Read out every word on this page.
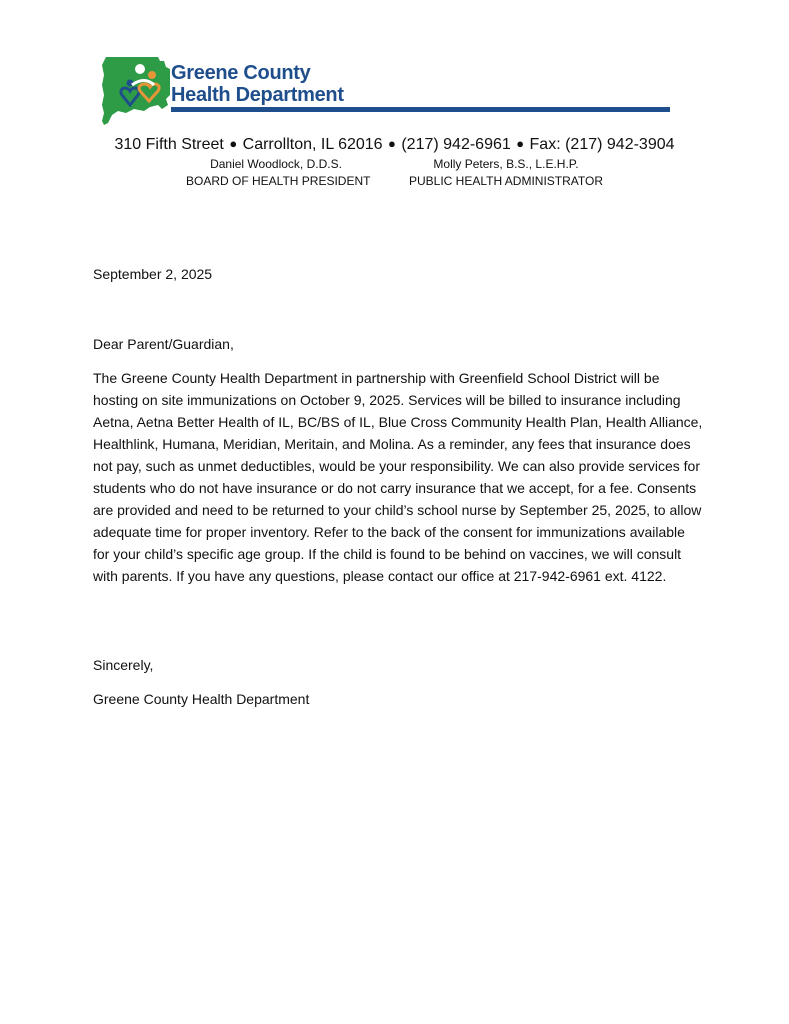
Greene County
Health Department
310 Fifth Street ● Carrollton, IL 62016 ● (217) 942-6961 ● Fax: (217) 942-3904
Daniel Woodlock, D.D.S.
BOARD OF HEALTH PRESIDENT
Molly Peters, B.S., L.E.H.P.
PUBLIC HEALTH ADMINISTRATOR
September 2, 2025
Dear Parent/Guardian,
The Greene County Health Department in partnership with Greenfield School District will be hosting on site immunizations on October 9, 2025. Services will be billed to insurance including Aetna, Aetna Better Health of IL, BC/BS of IL, Blue Cross Community Health Plan, Health Alliance, Healthlink, Humana, Meridian, Meritain, and Molina. As a reminder, any fees that insurance does not pay, such as unmet deductibles, would be your responsibility. We can also provide services for students who do not have insurance or do not carry insurance that we accept, for a fee. Consents are provided and need to be returned to your child’s school nurse by September 25, 2025, to allow adequate time for proper inventory. Refer to the back of the consent for immunizations available for your child’s specific age group. If the child is found to be behind on vaccines, we will consult with parents. If you have any questions, please contact our office at 217-942-6961 ext. 4122.
Sincerely,
Greene County Health Department
